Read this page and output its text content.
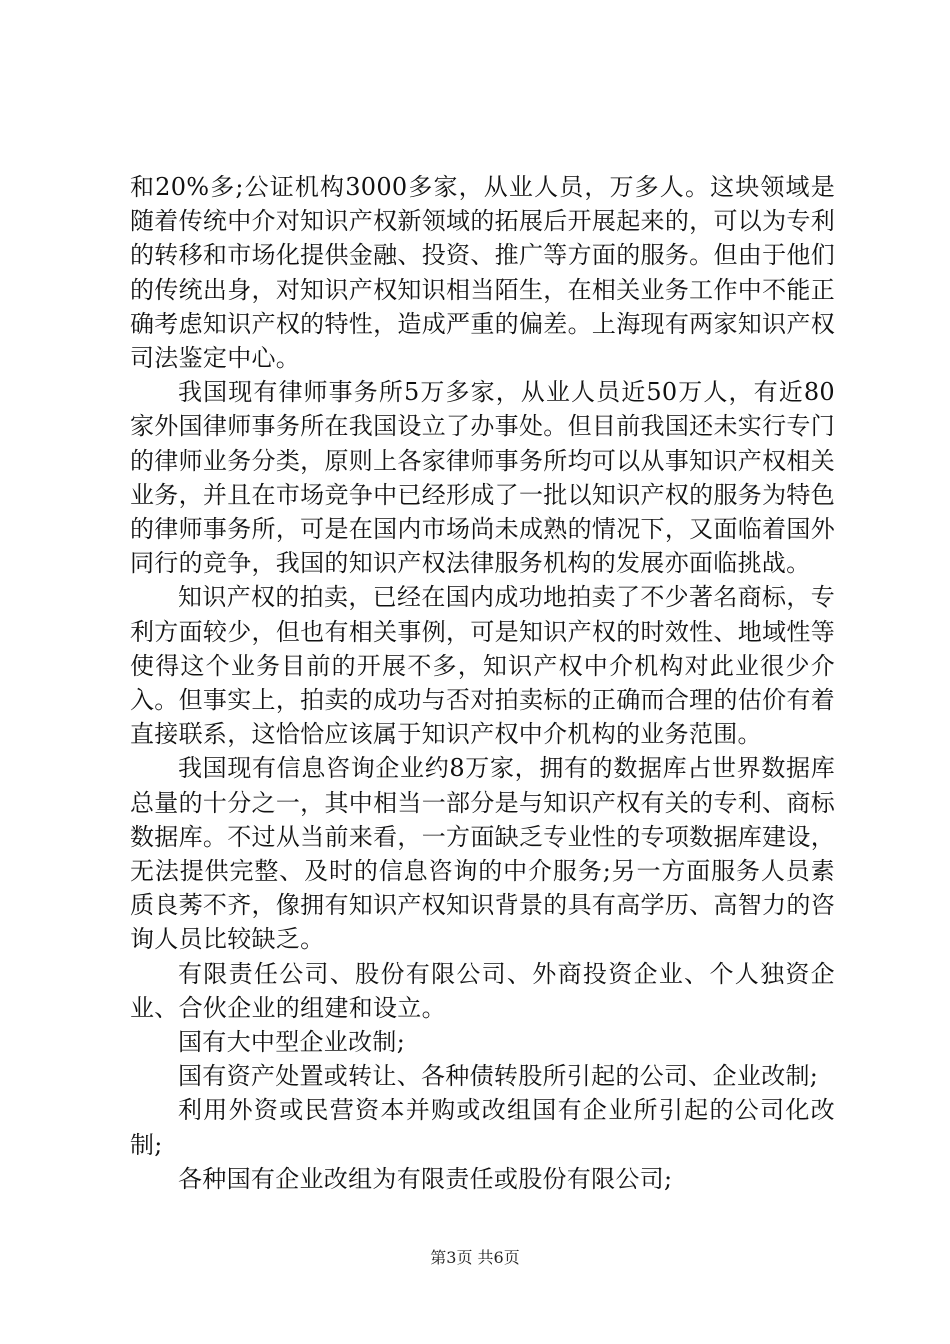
和20%多;公证机构3000多家，从业人员，万多人。这块领域是随着传统中介对知识产权新领域的拓展后开展起来的，可以为专利的转移和市场化提供金融、投资、推广等方面的服务。但由于他们的传统出身，对知识产权知识相当陌生，在相关业务工作中不能正确考虑知识产权的特性，造成严重的偏差。上海现有两家知识产权司法鉴定中心。

我国现有律师事务所5万多家，从业人员近50万人，有近80家外国律师事务所在我国设立了办事处。但目前我国还未实行专门的律师业务分类，原则上各家律师事务所均可以从事知识产权相关业务，并且在市场竞争中已经形成了一批以知识产权的服务为特色的律师事务所，可是在国内市场尚未成熟的情况下，又面临着国外同行的竞争，我国的知识产权法律服务机构的发展亦面临挑战。

知识产权的拍卖，已经在国内成功地拍卖了不少著名商标，专利方面较少，但也有相关事例，可是知识产权的时效性、地域性等使得这个业务目前的开展不多，知识产权中介机构对此业很少介入。但事实上，拍卖的成功与否对拍卖标的正确而合理的估价有着直接联系，这恰恰应该属于知识产权中介机构的业务范围。

我国现有信息咨询企业约8万家，拥有的数据库占世界数据库总量的十分之一，其中相当一部分是与知识产权有关的专利、商标数据库。不过从当前来看，一方面缺乏专业性的专项数据库建设，无法提供完整、及时的信息咨询的中介服务;另一方面服务人员素质良莠不齐，像拥有知识产权知识背景的具有高学历、高智力的咨询人员比较缺乏。

有限责任公司、股份有限公司、外商投资企业、个人独资企业、合伙企业的组建和设立。

国有大中型企业改制;

国有资产处置或转让、各种债转股所引起的公司、企业改制;

利用外资或民营资本并购或改组国有企业所引起的公司化改制;

各种国有企业改组为有限责任或股份有限公司;

第3页 共6页
